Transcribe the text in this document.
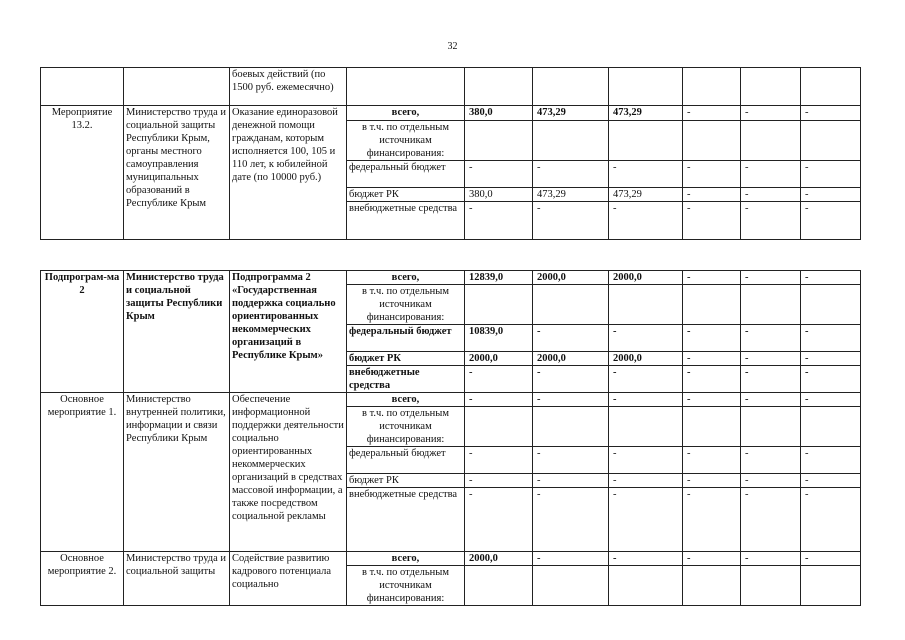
32
		боевых действий (по 1500 руб. ежемесячно)							
Мероприятие 13.2.	Министерство труда и социальной защиты Республики Крым, органы местного самоуправления муниципальных образований в Республике Крым	Оказание единоразовой денежной помощи гражданам, которым исполняется 100, 105 и 110 лет, к юбилейной дате (по 10000 руб.)	всего,	380,0	473,29	473,29	-	-	-
			в т.ч. по отдельным источникам финансирования:						
			федеральный бюджет	-	-	-	-	-	-
			бюджет РК	380,0	473,29	473,29	-	-	-
			внебюджетные средства	-	-	-	-	-	-
Подпрограм-ма 2	Министерство труда и социальной защиты Республики Крым	Подпрограмма 2 «Государственная поддержка социально ориентированных некоммерческих организаций в Республике Крым»	всего,	12839,0	2000,0	2000,0	-	-	-
			в т.ч. по отдельным источникам финансирования:						
			федеральный бюджет	10839,0	-	-	-	-	-
			бюджет РК	2000,0	2000,0	2000,0	-	-	-
			внебюджетные средства	-	-	-	-	-	-
Основное мероприятие 1.	Министерство внутренней политики, информации и связи Республики Крым	Обеспечение информационной поддержки деятельности социально ориентированных некоммерческих организаций в средствах массовой информации, а также посредством социальной рекламы	всего,	-	-	-	-	-	-
			в т.ч. по отдельным источникам финансирования:						
			федеральный бюджет	-	-	-	-	-	-
			бюджет РК	-	-	-	-	-	-
			внебюджетные средства	-	-	-	-	-	-
Основное мероприятие 2.	Министерство труда и социальной защиты	Содействие развитию кадрового потенциала социально	всего,	2000,0	-	-	-	-	-
			в т.ч. по отдельным источникам финансирования:						
